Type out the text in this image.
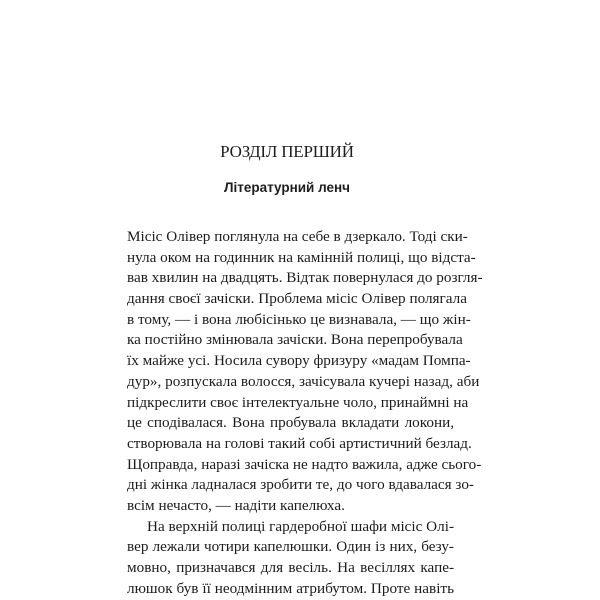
РОЗДІЛ ПЕРШИЙ
Літературний ленч
Місіс Олівер поглянула на себе в дзеркало. Тоді ски-
нула оком на годинник на камінній полиці, що відста-
вав хвилин на двадцять. Відтак повернулася до розгля-
дання своєї зачіски. Проблема місіс Олівер полягала
в тому, — і вона любісінько це визнавала, — що жін-
ка постійно змінювала зачіски. Вона перепробувала
їх майже усі. Носила сувору фризуру «мадам Помпа-
дур», розпускала волосся, зачісувала кучері назад, аби
підкреслити своє інтелектуальне чоло, принаймні на
це сподівалася. Вона пробувала вкладати локони,
створювала на голові такий собі артистичний безлад.
Щоправда, наразі зачіска не надто важила, адже сього-
дні жінка ладналася зробити те, до чого вдавалася зо-
всім нечасто, — надіти капелюха.
На верхній полиці гардеробної шафи місіс Олі-
вер лежали чотири капелюшки. Один із них, безу-
мовно, призначався для весіль. На весіллях капе-
люшок був її неодмінним атрибутом. Проте навіть
